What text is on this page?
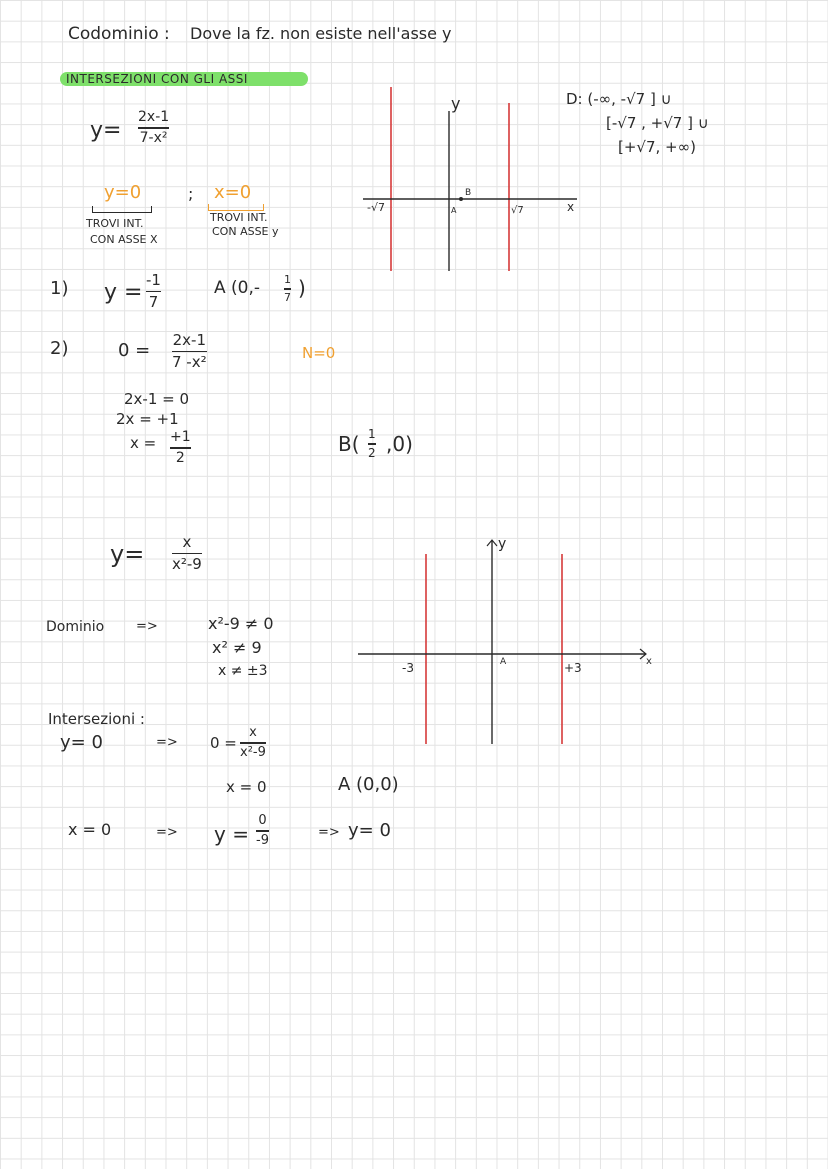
Codominio : Dove la fz. non esiste nell'asse y
INTERSEZIONI CON GLI ASSI
y=
2x-1
7-x²
y=0	; x=0
TROVI INT.
CON ASSE X
TROVI INT.
CON ASSE y
1) y = -1
7
A (0,- 1
7 )
2)	0 = 2x-1
7 -x²	N=0
2x-1 = 0
2x = +1
x = +1
2
B( 1
2 ,0)
D: (-∞, -√7 ] ∪
[-√7 , +√7 ] ∪
[+√7, +∞)
y
x
B
A
-√7	√7
y=	x
x²-9
Dominio =>	x²-9 ≠ 0
x² ≠ 9
x ≠ ±3
Intersezioni :
y= 0	=> 0 =
x
x²-9
x = 0	A (0,0)
x = 0	=> y =
0
-9
=> y= 0
y
x
A
-3	+3
